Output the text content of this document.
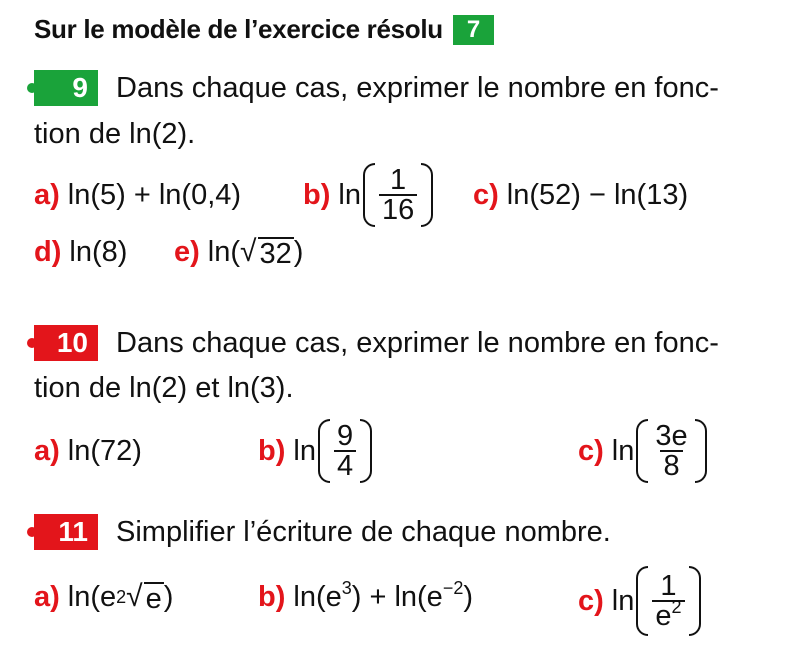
Sur le modèle de l’exercice résolu	7
9 Dans chaque cas, exprimer le nombre en fonc-
tion de ln(2).
a) ln(5) + ln(0,4) b) $\ln \frac{1}{16} c$) ln(52) − ln(13)
d) ln(8) e) ln( √ 32 )
10 Dans chaque cas, exprimer le nombre en fonc-
tion de ln(2) et ln(3).
a) ln(72)	b) $\ln \frac{9}{4}$	c) $\ln \frac{3e}{8}$
11 Simplifier l’écriture de chaque nombre.
a) ln(e 2 √ e )	b) $\ln(e^3) + \ln(e^{-2})$	c) $\ln \frac{1}{e^2}$
